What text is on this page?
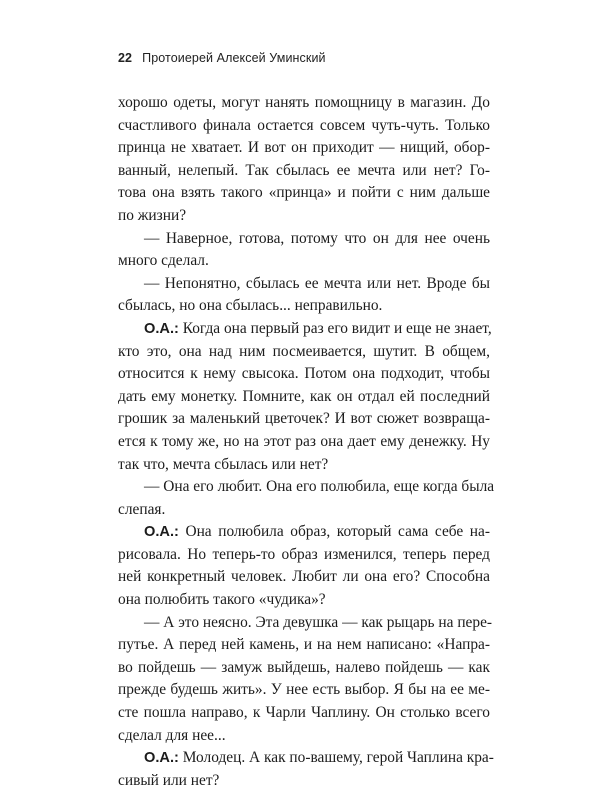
22 Протоиерей Алексей Уминский
хорошо одеты, могут нанять помощницу в магазин. До
счастливого финала остается совсем чуть-чуть. Только
принца не хватает. И вот он приходит — нищий, обор-
ванный, нелепый. Так сбылась ее мечта или нет? Го-
това она взять такого «принца» и пойти с ним дальше
по жизни?
— Наверное, готова, потому что он для нее очень
много сделал.
— Непонятно, сбылась ее мечта или нет. Вроде бы
сбылась, но она сбылась... неправильно.
О.А.: Когда она первый раз его видит и еще не знает,
кто это, она над ним посмеивается, шутит. В общем,
относится к нему свысока. Потом она подходит, чтобы
дать ему монетку. Помните, как он отдал ей последний
грошик за маленький цветочек? И вот сюжет возвраща-
ется к тому же, но на этот раз она дает ему денежку. Ну
так что, мечта сбылась или нет?
— Она его любит. Она его полюбила, еще когда была
слепая.
О.А.: Она полюбила образ, который сама себе на-
рисовала. Но теперь-то образ изменился, теперь перед
ней конкретный человек. Любит ли она его? Способна
она полюбить такого «чудика»?
— А это неясно. Эта девушка — как рыцарь на пере-
путье. А перед ней камень, и на нем написано: «Напра-
во пойдешь — замуж выйдешь, налево пойдешь — как
прежде будешь жить». У нее есть выбор. Я бы на ее ме-
сте пошла направо, к Чарли Чаплину. Он столько всего
сделал для нее...
О.А.: Молодец. А как по-вашему, герой Чаплина кра-
сивый или нет?
